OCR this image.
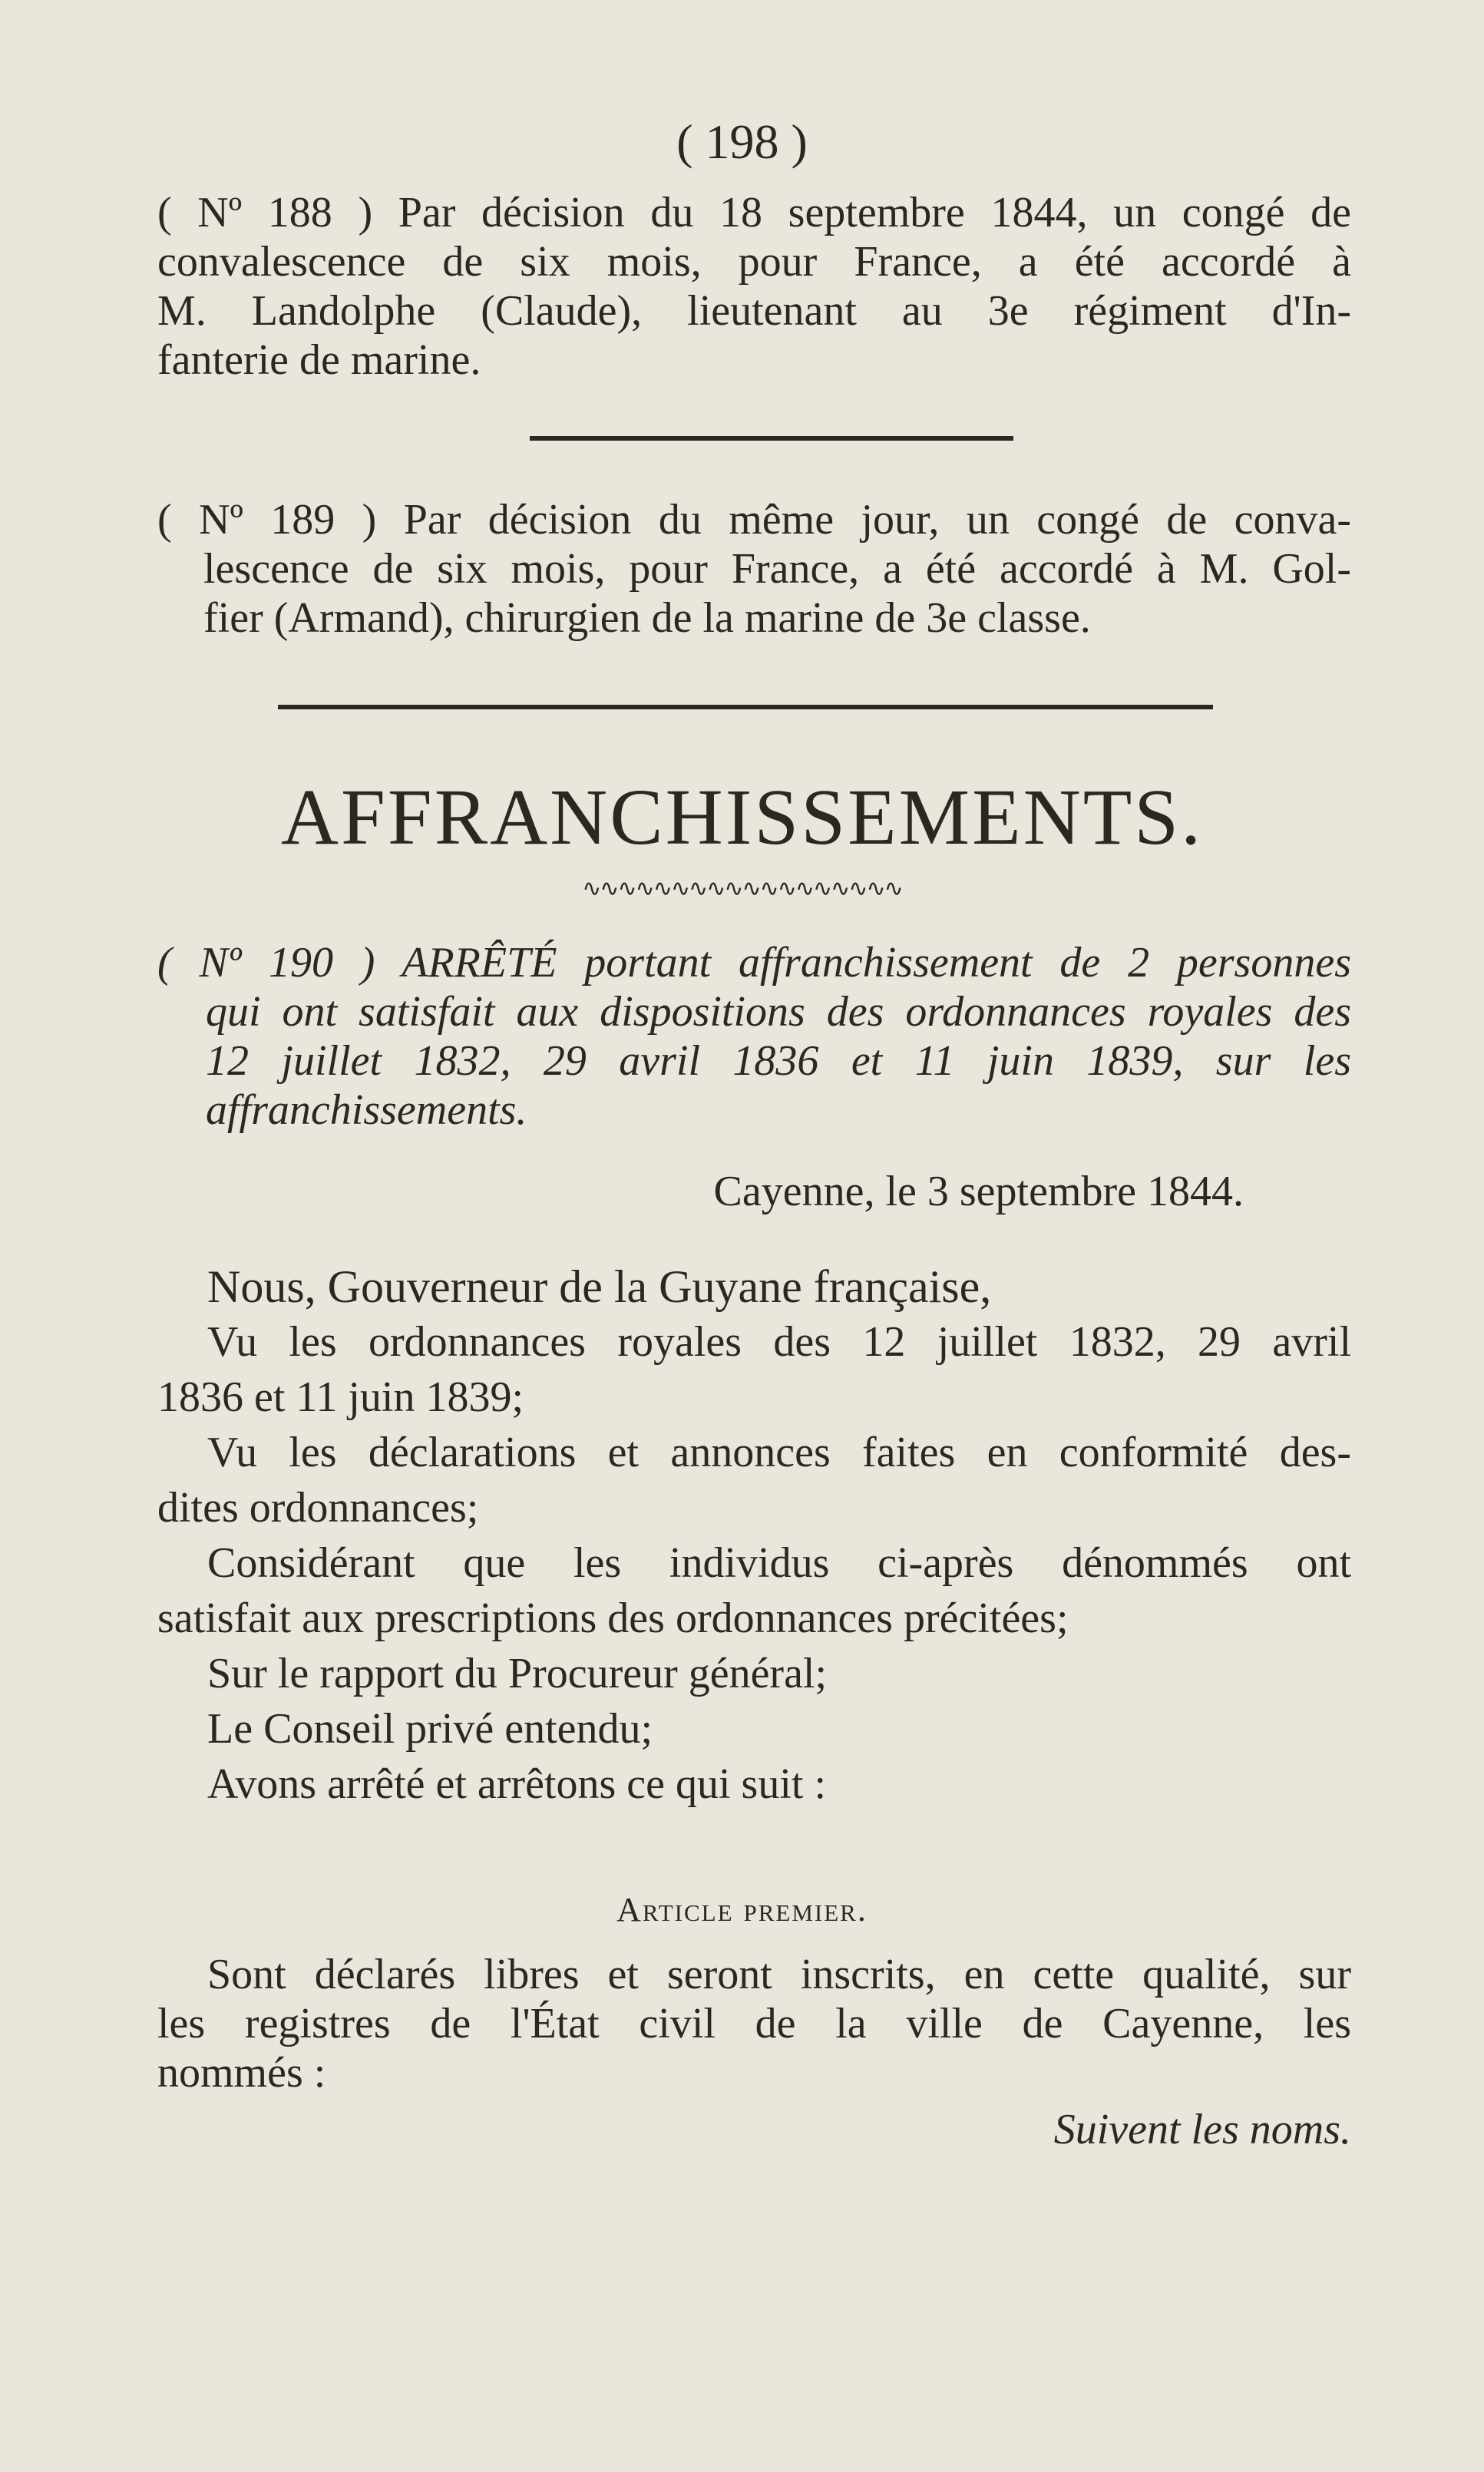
( 198 )
( Nº 188 ) Par décision du 18 septembre 1844, un congé de
convalescence de six mois, pour France, a été accordé à
M. Landolphe (Claude), lieutenant au 3e régiment d'In-
fanterie de marine.
( Nº 189 ) Par décision du même jour, un congé de conva-
lescence de six mois, pour France, a été accordé à M. Gol-
fier (Armand), chirurgien de la marine de 3e classe.
AFFRANCHISSEMENTS.
∿∿∿∿∿∿∿∿∿∿∿∿∿∿∿∿∿∿
( Nº 190 ) ARRÊTÉ portant affranchissement de 2 personnes
qui ont satisfait aux dispositions des ordonnances royales des
12 juillet 1832, 29 avril 1836 et 11 juin 1839, sur les
affranchissements.
Cayenne, le 3 septembre 1844.
Nous, Gouverneur de la Guyane française,
Vu les ordonnances royales des 12 juillet 1832, 29 avril
1836 et 11 juin 1839;
Vu les déclarations et annonces faites en conformité des-
dites ordonnances;
Considérant que les individus ci-après dénommés ont
satisfait aux prescriptions des ordonnances précitées;
Sur le rapport du Procureur général;
Le Conseil privé entendu;
Avons arrêté et arrêtons ce qui suit :
Article premier.
Sont déclarés libres et seront inscrits, en cette qualité, sur
les registres de l'État civil de la ville de Cayenne, les
nommés :
Suivent les noms.
